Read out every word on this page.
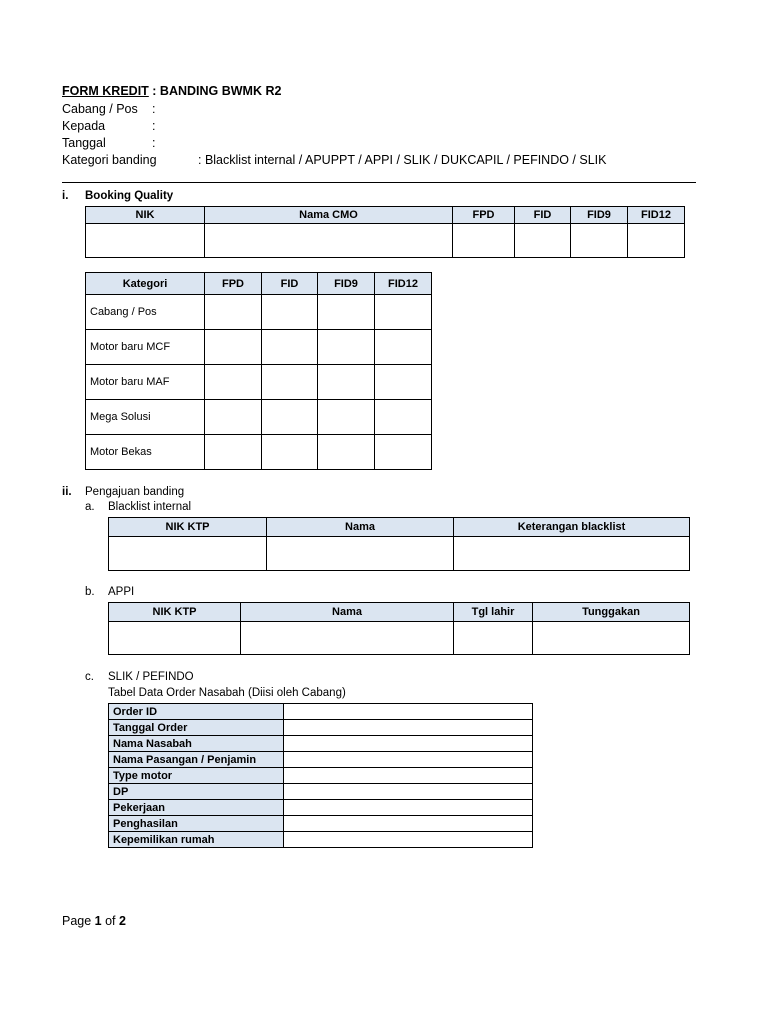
FORM KREDIT : BANDING BWMK R2
Cabang / Pos :
Kepada	:
Tanggal	:
Kategori banding	: Blacklist internal / APUPPT / APPI / SLIK / DUKCAPIL / PEFINDO / SLIK
i. Booking Quality
NIK	Nama CMO	FPD	FID	FID9	FID12

Kategori	FPD	FID	FID9	FID12
Cabang / Pos				
Motor baru MCF				
Motor baru MAF				
Mega Solusi				
Motor Bekas				
ii. Pengajuan banding
a. Blacklist internal
NIK KTP	Nama	Keterangan blacklist

b. APPI
NIK KTP	Nama	Tgl lahir	Tunggakan

c. SLIK / PEFINDO
Tabel Data Order Nasabah (Diisi oleh Cabang)
Order ID	
Tanggal Order	
Nama Nasabah	
Nama Pasangan / Penjamin	
Type motor	
DP	
Pekerjaan	
Penghasilan	
Kepemilikan rumah	
Page 1 of 2
